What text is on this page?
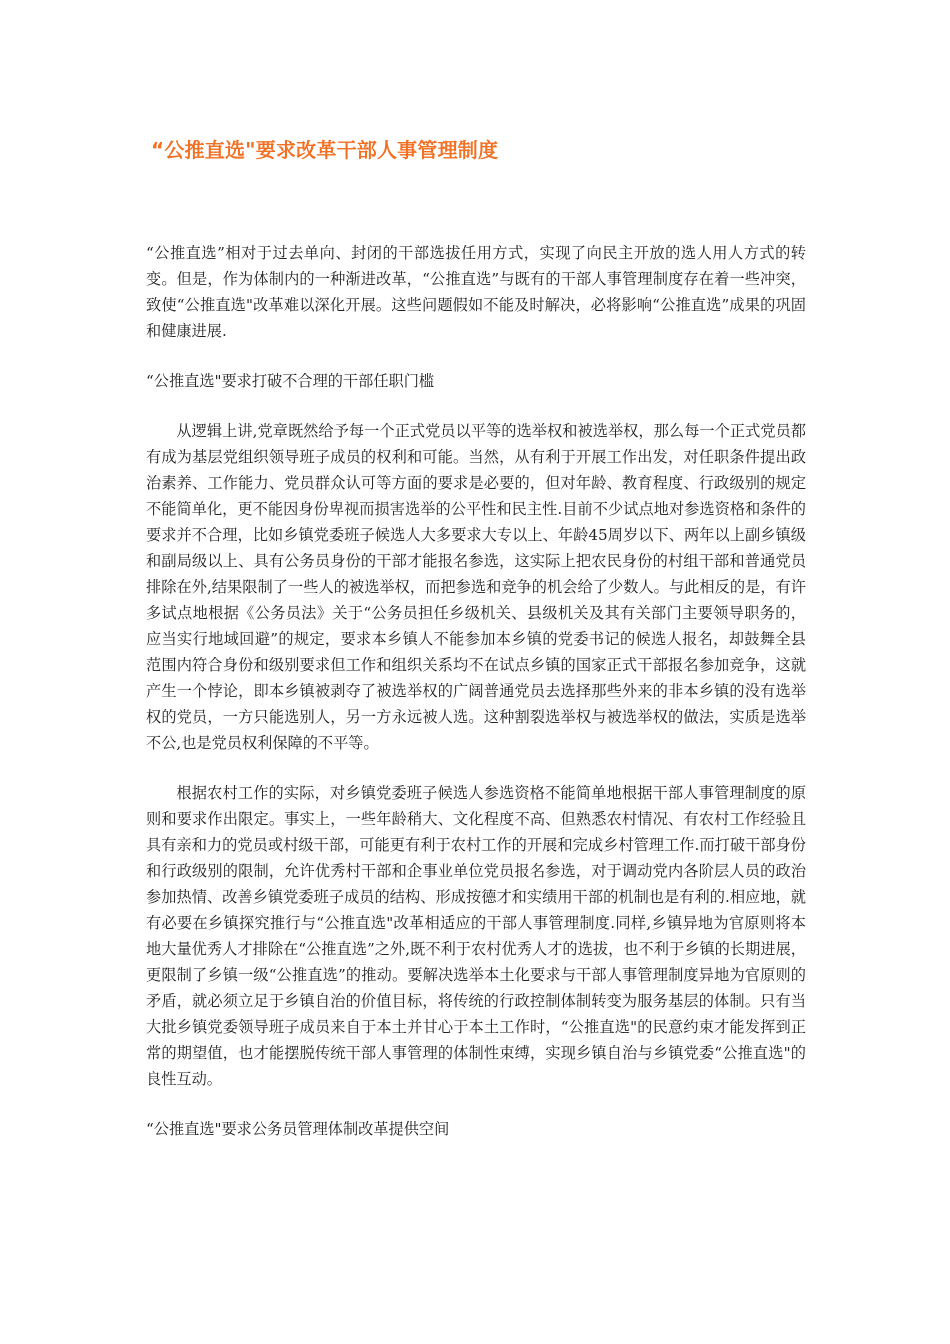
“公推直选"要求改革干部人事管理制度

“公推直选”相对于过去单向、封闭的干部选拔任用方式，实现了向民主开放的选人用人方式的转变。但是，作为体制内的一种渐进改革，“公推直选”与既有的干部人事管理制度存在着一些冲突，致使“公推直选"改革难以深化开展。这些问题假如不能及时解决，必将影响“公推直选”成果的巩固和健康进展.

“公推直选"要求打破不合理的干部任职门槛

从逻辑上讲,党章既然给予每一个正式党员以平等的选举权和被选举权，那么每一个正式党员都有成为基层党组织领导班子成员的权利和可能。当然，从有利于开展工作出发，对任职条件提出政治素养、工作能力、党员群众认可等方面的要求是必要的，但对年龄、教育程度、行政级别的规定不能简单化，更不能因身份卑视而损害选举的公平性和民主性.目前不少试点地对参选资格和条件的要求并不合理，比如乡镇党委班子候选人大多要求大专以上、年龄45周岁以下、两年以上副乡镇级和副局级以上、具有公务员身份的干部才能报名参选，这实际上把农民身份的村组干部和普通党员排除在外,结果限制了一些人的被选举权，而把参选和竞争的机会给了少数人。与此相反的是，有许多试点地根据《公务员法》关于“公务员担任乡级机关、县级机关及其有关部门主要领导职务的，应当实行地域回避”的规定，要求本乡镇人不能参加本乡镇的党委书记的候选人报名，却鼓舞全县范围内符合身份和级别要求但工作和组织关系均不在试点乡镇的国家正式干部报名参加竞争，这就产生一个悖论，即本乡镇被剥夺了被选举权的广阔普通党员去选择那些外来的非本乡镇的没有选举权的党员，一方只能选别人，另一方永远被人选。这种割裂选举权与被选举权的做法，实质是选举不公,也是党员权利保障的不平等。

根据农村工作的实际，对乡镇党委班子候选人参选资格不能简单地根据干部人事管理制度的原则和要求作出限定。事实上，一些年龄稍大、文化程度不高、但熟悉农村情况、有农村工作经验且具有亲和力的党员或村级干部，可能更有利于农村工作的开展和完成乡村管理工作.而打破干部身份和行政级别的限制，允许优秀村干部和企事业单位党员报名参选，对于调动党内各阶层人员的政治参加热情、改善乡镇党委班子成员的结构、形成按德才和实绩用干部的机制也是有利的.相应地，就有必要在乡镇探究推行与“公推直选"改革相适应的干部人事管理制度.同样,乡镇异地为官原则将本地大量优秀人才排除在“公推直选”之外,既不利于农村优秀人才的选拔，也不利于乡镇的长期进展，更限制了乡镇一级“公推直选”的推动。要解决选举本土化要求与干部人事管理制度异地为官原则的矛盾，就必须立足于乡镇自治的价值目标，将传统的行政控制体制转变为服务基层的体制。只有当大批乡镇党委领导班子成员来自于本土并甘心于本土工作时，“公推直选"的民意约束才能发挥到正常的期望值，也才能摆脱传统干部人事管理的体制性束缚，实现乡镇自治与乡镇党委“公推直选"的良性互动。

“公推直选"要求公务员管理体制改革提供空间
